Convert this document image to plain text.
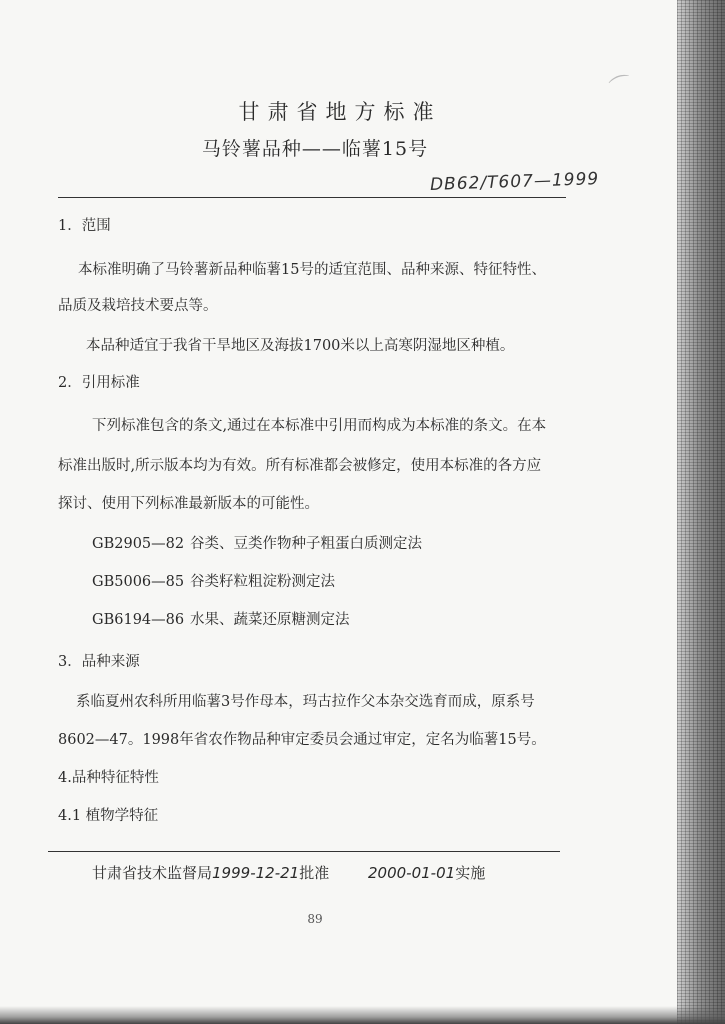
⌒
甘肃省地方标准
马铃薯品种——临薯15号
DB62/T607—1999
1．范围
本标准明确了马铃薯新品种临薯15号的适宜范围、品种来源、特征特性、
品质及栽培技术要点等。
本品种适宜于我省干旱地区及海拔1700米以上高寒阴湿地区种植。
2．引用标准
下列标准包含的条文,通过在本标准中引用而构成为本标准的条文。在本
标准出版时,所示版本均为有效。所有标准都会被修定，使用本标准的各方应
探讨、使用下列标准最新版本的可能性。
GB2905—82 谷类、豆类作物种子粗蛋白质测定法
GB5006—85 谷类籽粒粗淀粉测定法
GB6194—86 水果、蔬菜还原糖测定法
3．品种来源
系临夏州农科所用临薯3号作母本，玛古拉作父本杂交选育而成，原系号
8602—47。1998年省农作物品种审定委员会通过审定，定名为临薯15号。
4.品种特征特性
4.1 植物学特征
甘肃省技术监督局1999-12-21批准	2000-01-01实施
89
